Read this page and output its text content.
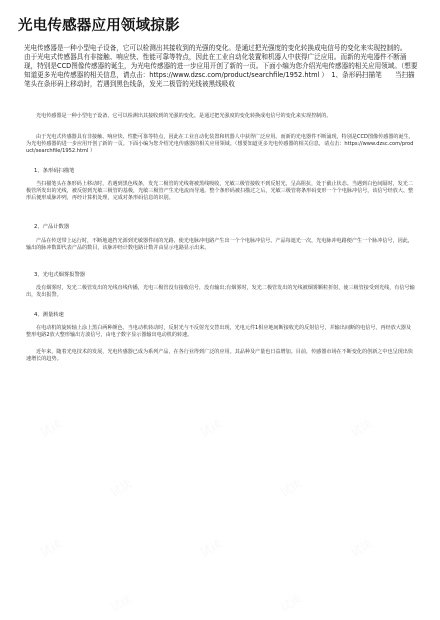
光电传感器应用领域掠影

光电传感器是一种小型电子设备，它可以检测出其接收到的光强的变化。是通过把光强度的变化转换成电信号的变化来实现控制的。　　由于光电式传感器具有非接触、响应快、性能可靠等特点，因此在工业自动化装置和机器人中获得广泛应用。而新的光电器件不断涌现，特别是CCD图像传感器的诞生，为光电传感器的进一步应用开创了新的一页。下面小编为您介绍光电传感器的相关应用领域。（想要知道更多光电传感器的相关信息，请点击：https://www.dzsc.com/product/searchfile/1952.html ）　1、条形码扫描笔　　当扫描笔头在条形码上移动时，若遇到黑色线条，发光二极管的光线被黑线吸收

光电传感器是一种小型电子设备，它可以检测出其接收到的光强的变化。是通过把光强度的变化转换成电信号的变化来实现控制的。

由于光电式传感器具有非接触、响应快、性能可靠等特点，因此在工业自动化装置和机器人中获得广泛应用。而新的光电器件不断涌现，特别是CCD图像传感器的诞生，为光电传感器的进一步应用开创了新的一页。下面小编为您介绍光电传感器的相关应用领域。（想要知道更多光电传感器的相关信息，请点击：https://www.dzsc.com/product/searchfile/1952.html ）

1、条形码扫描笔

当扫描笔头在条形码上移动时，若遇到黑色线条，发光二极管的光线将被黑线吸收，光敏三极管接收不到反射光，呈高阻抗，处于截止状态。当遇到白色间隔时，发光二极管所发出的光线，被反射到光敏三极管的基极，光敏三极管产生光电流而导通。整个条形码被扫描过之后，光敏三极管将条形码变形一个个电脉冲信号，该信号经放大、整形后便形成脉冲列，再经计算机处理，完成对条形码信息的识别。

2、产品计数器

产品在传送带上运行时，不断地遮挡光源到光敏器件间的光路，使光电脉冲电路产生出一个个电脉冲信号。产品每遮光一次，光电脉冲电路便产生一个脉冲信号，因此，输出的脉冲数即代表产品的数目，该脉冲经计数电路计数并由显示电路显示出来。

3、光电式烟雾报警器

没有烟雾时，发光二极管发出的光线直线传播，光电三极管没有接收信号，没有输出;有烟雾时，发光二极管发出的光线被烟雾颗粒折射，使三极管接受到光线，有信号输出，发出报警。

4、测量转速

在电动机的旋转轴上涂上黑白两种颜色，当电动机转动时，反射光与不反射光交替出现，光电元件1相应地间断接收光的反射信号，并输出间断的电信号，再经放大器及整形电路2放大整形输出方波信号，由电子数字显示器输出电动机的转速。

近年来，随着光电技术的发展，光电传感器已成为系列产品，在各行业得到广泛的应用。其品种及产量也日益增加。目前，传感器市场在不断变化的创新之中也呈现出快速增长的趋势。
